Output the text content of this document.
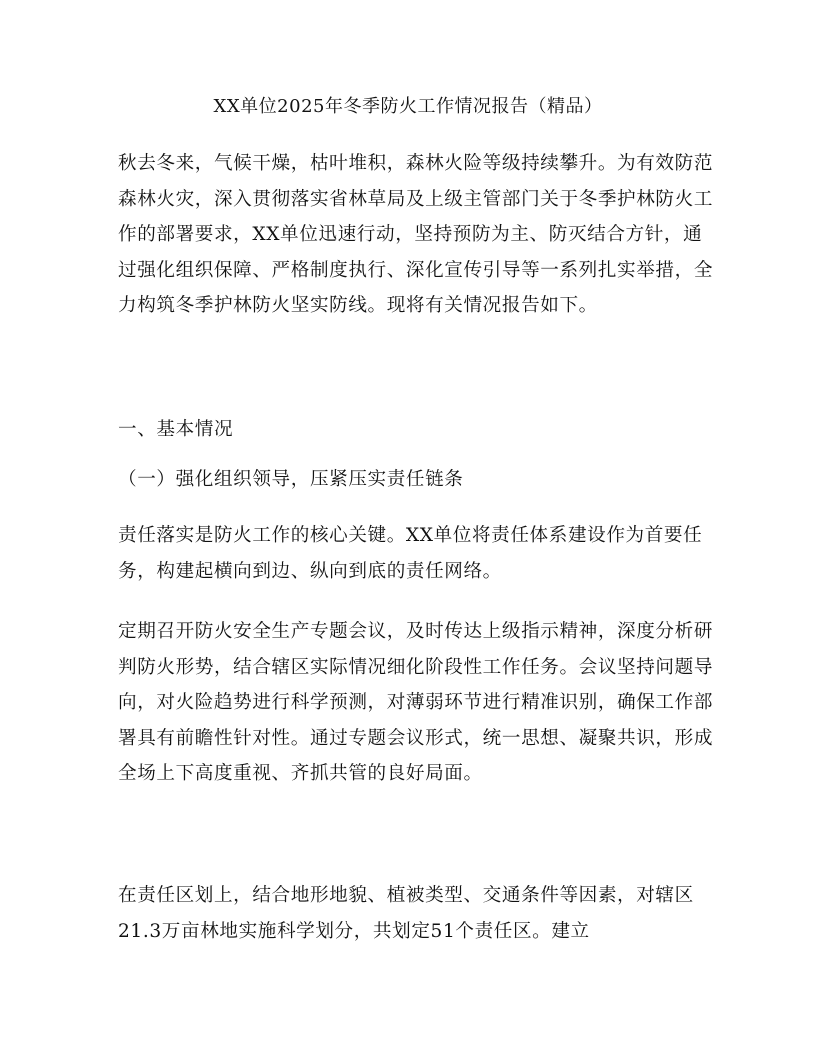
XX单位2025年冬季防火工作情况报告（精品）

秋去冬来，气候干燥，枯叶堆积，森林火险等级持续攀升。为有效防范森林火灾，深入贯彻落实省林草局及上级主管部门关于冬季护林防火工作的部署要求，XX单位迅速行动，坚持预防为主、防灭结合方针，通过强化组织保障、严格制度执行、深化宣传引导等一系列扎实举措，全力构筑冬季护林防火坚实防线。现将有关情况报告如下。

一、基本情况

（一）强化组织领导，压紧压实责任链条

责任落实是防火工作的核心关键。XX单位将责任体系建设作为首要任务，构建起横向到边、纵向到底的责任网络。

定期召开防火安全生产专题会议，及时传达上级指示精神，深度分析研判防火形势，结合辖区实际情况细化阶段性工作任务。会议坚持问题导向，对火险趋势进行科学预测，对薄弱环节进行精准识别，确保工作部署具有前瞻性针对性。通过专题会议形式，统一思想、凝聚共识，形成全场上下高度重视、齐抓共管的良好局面。

在责任区划上，结合地形地貌、植被类型、交通条件等因素，对辖区21.3万亩林地实施科学划分，共划定51个责任区。建立
